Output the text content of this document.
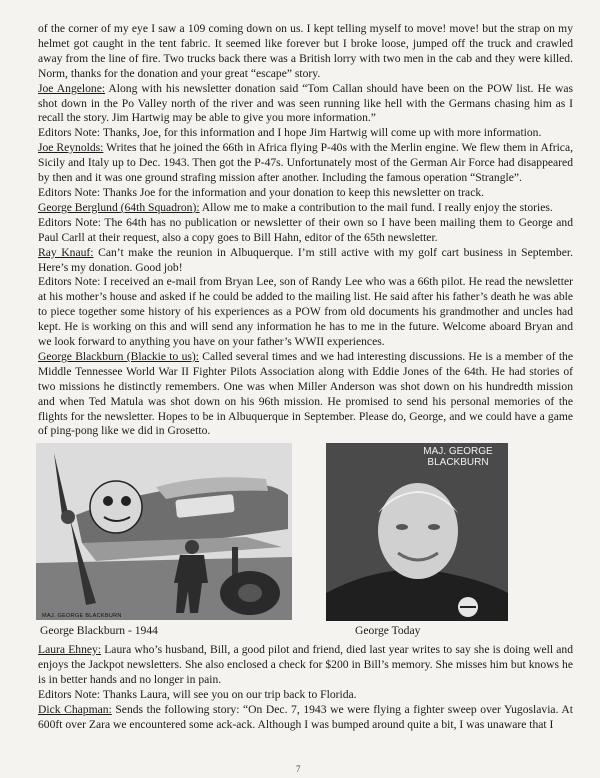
of the corner of my eye I saw a 109 coming down on us. I kept telling myself to move! move! but the strap on my helmet got caught in the tent fabric. It seemed like forever but I broke loose, jumped off the truck and crawled away from the line of fire. Two trucks back there was a British lorry with two men in the cab and they were killed. Norm, thanks for the donation and your great “escape” story.

Joe Angelone: Along with his newsletter donation said “Tom Callan should have been on the POW list. He was shot down in the Po Valley north of the river and was seen running like hell with the Germans chasing him as I recall the story. Jim Hartwig may be able to give you more information.”

Editors Note: Thanks, Joe, for this information and I hope Jim Hartwig will come up with more information.

Joe Reynolds: Writes that he joined the 66th in Africa flying P-40s with the Merlin engine. We flew them in Africa, Sicily and Italy up to Dec. 1943. Then got the P-47s. Unfortunately most of the German Air Force had disappeared by then and it was one ground strafing mission after another. Including the famous operation “Strangle”.

Editors Note: Thanks Joe for the information and your donation to keep this newsletter on track.

George Berglund (64th Squadron): Allow me to make a contribution to the mail fund. I really enjoy the stories.

Editors Note: The 64th has no publication or newsletter of their own so I have been mailing them to George and Paul Carll at their request, also a copy goes to Bill Hahn, editor of the 65th newsletter.

Ray Knauf: Can’t make the reunion in Albuquerque. I’m still active with my golf cart business in September. Here’s my donation. Good job!

Editors Note: I received an e-mail from Bryan Lee, son of Randy Lee who was a 66th pilot. He read the newsletter at his mother’s house and asked if he could be added to the mailing list. He said after his father’s death he was able to piece together some history of his experiences as a POW from old documents his grandmother and uncles had kept. He is working on this and will send any information he has to me in the future. Welcome aboard Bryan and we look forward to anything you have on your father’s WWII experiences.

George Blackburn (Blackie to us): Called several times and we had interesting discussions. He is a member of the Middle Tennessee World War II Fighter Pilots Association along with Eddie Jones of the 64th. He had stories of two missions he distinctly remembers. One was when Miller Anderson was shot down on his hundredth mission and when Ted Matula was shot down on his 96th mission. He promised to send his personal memories of the flights for the newsletter. Hopes to be in Albuquerque in September. Please do, George, and we could have a game of ping-pong like we did in Grosetto.

MAJ. GEORGE BLACKBURN
MAJ. GEORGE BLACKBURN
George Blackburn - 1944	George Today

Laura Ehney: Laura who’s husband, Bill, a good pilot and friend, died last year writes to say she is doing well and enjoys the Jackpot newsletters. She also enclosed a check for $200 in Bill’s memory. She misses him but knows he is in better hands and no longer in pain.

Editors Note: Thanks Laura, will see you on our trip back to Florida.

Dick Chapman: Sends the following story: “On Dec. 7, 1943 we were flying a fighter sweep over Yugoslavia. At 600ft over Zara we encountered some ack-ack. Although I was bumped around quite a bit, I was unaware that I

7
